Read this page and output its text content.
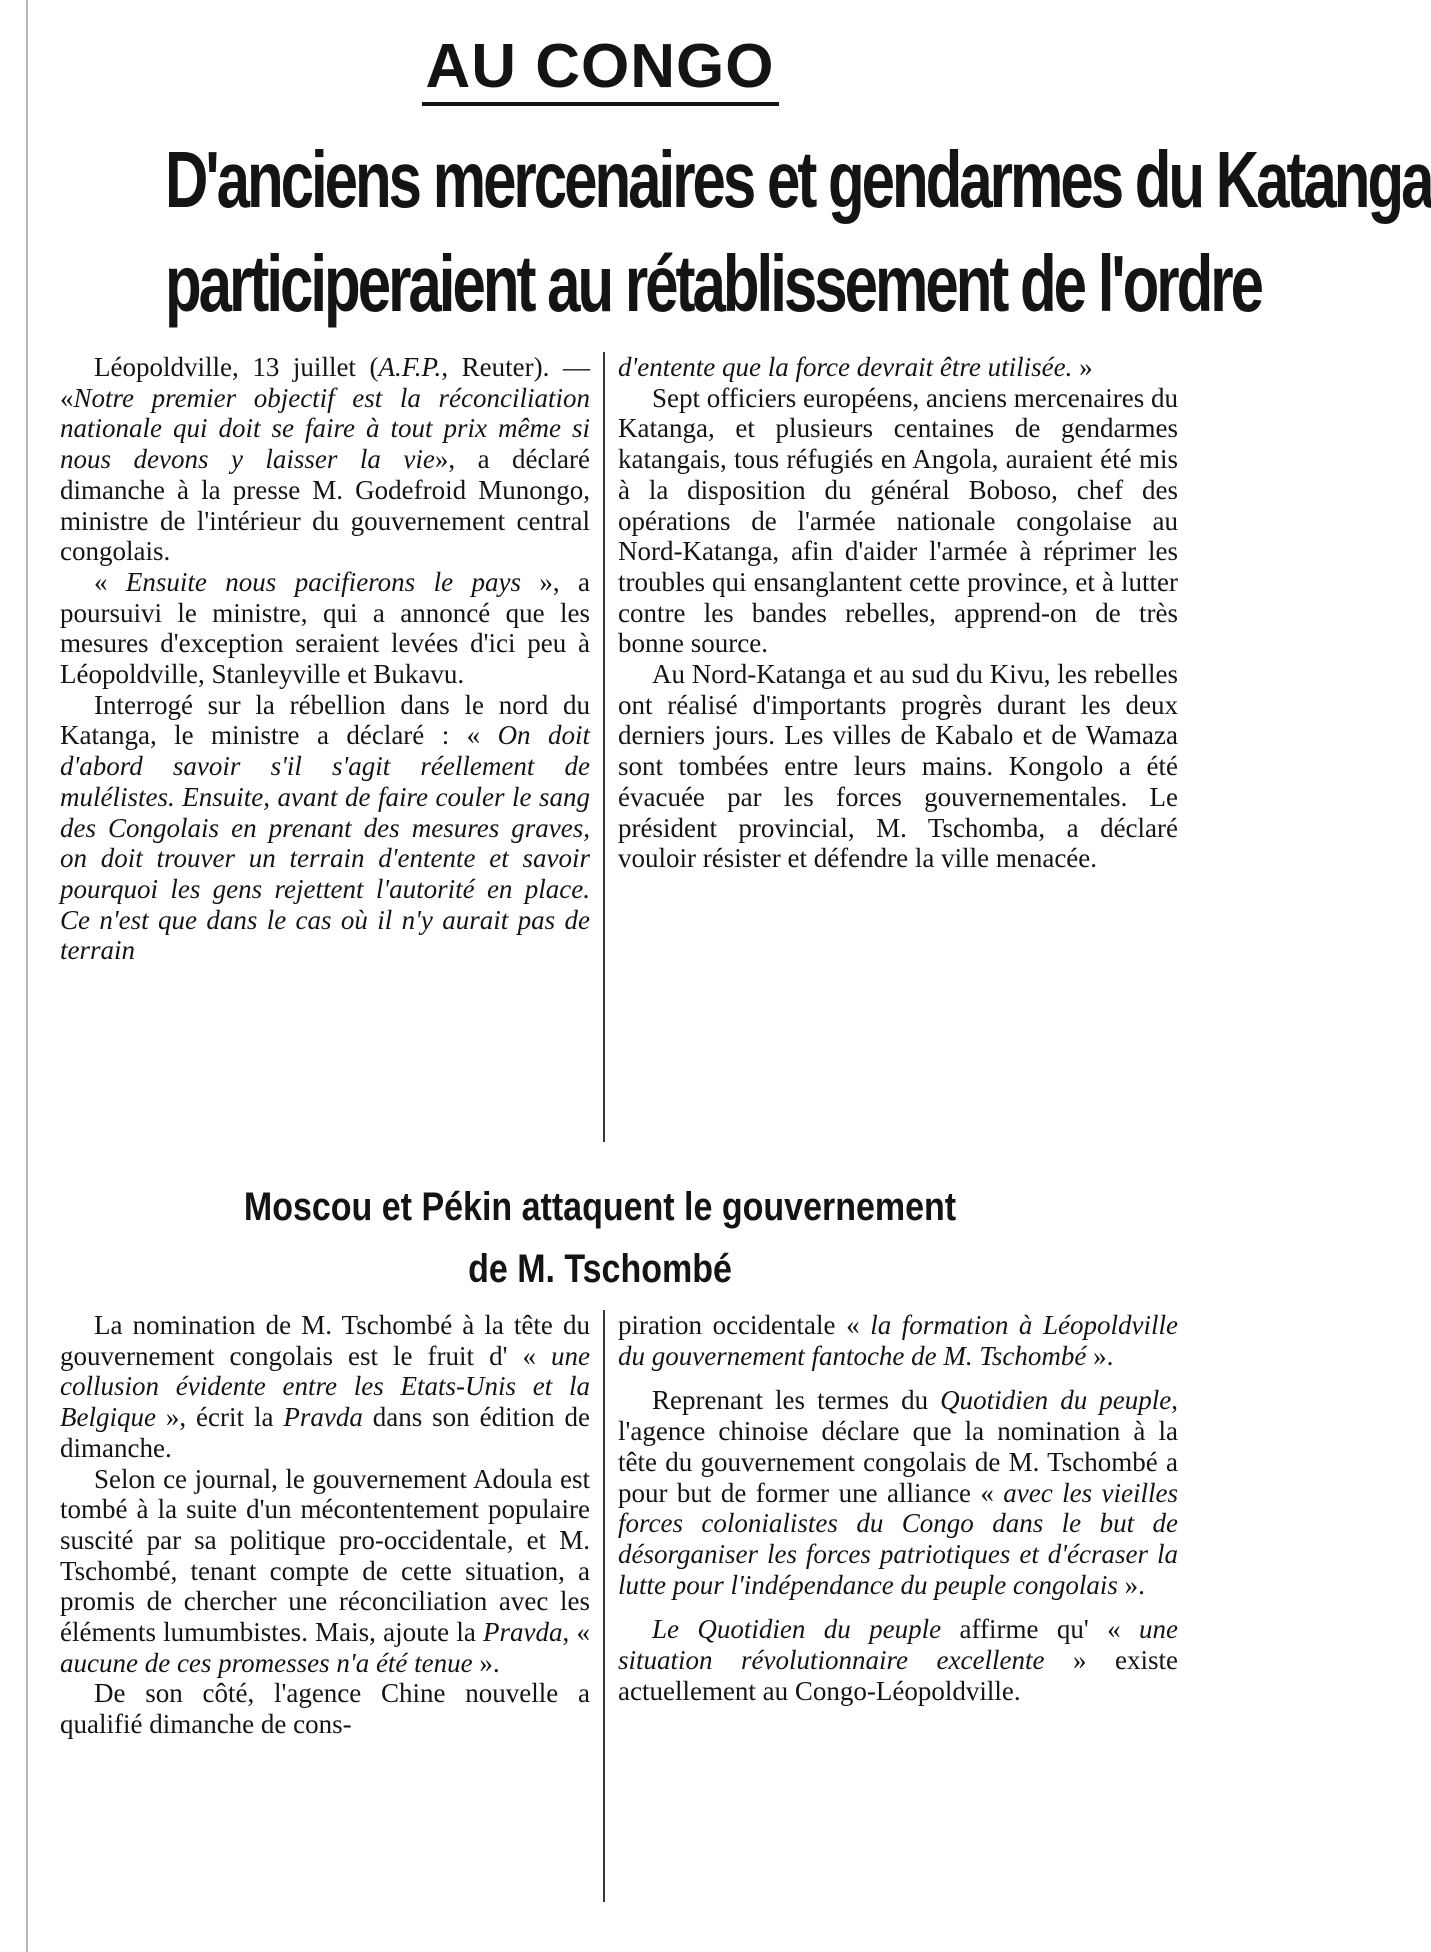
AU CONGO
D'anciens mercenaires et gendarmes du Katanga
participeraient au rétablissement de l'ordre

Léopoldville, 13 juillet (A.F.P., Reuter). — «Notre premier objectif est la réconciliation nationale qui doit se faire à tout prix même si nous devons y laisser la vie», a déclaré dimanche à la presse M. Godefroid Munongo, ministre de l'intérieur du gouvernement central congolais.

« Ensuite nous pacifierons le pays », a poursuivi le ministre, qui a annoncé que les mesures d'exception seraient levées d'ici peu à Léopoldville, Stanleyville et Bukavu.

Interrogé sur la rébellion dans le nord du Katanga, le ministre a déclaré : « On doit d'abord savoir s'il s'agit réellement de mulélistes. Ensuite, avant de faire couler le sang des Congolais en prenant des mesures graves, on doit trouver un terrain d'entente et savoir pourquoi les gens rejettent l'autorité en place. Ce n'est que dans le cas où il n'y aurait pas de terrain

d'entente que la force devrait être utilisée. »

Sept officiers européens, anciens mercenaires du Katanga, et plusieurs centaines de gendarmes katangais, tous réfugiés en Angola, auraient été mis à la disposition du général Boboso, chef des opérations de l'armée nationale congolaise au Nord-Katanga, afin d'aider l'armée à réprimer les troubles qui ensanglantent cette province, et à lutter contre les bandes rebelles, apprend-on de très bonne source.

Au Nord-Katanga et au sud du Kivu, les rebelles ont réalisé d'importants progrès durant les deux derniers jours. Les villes de Kabalo et de Wamaza sont tombées entre leurs mains. Kongolo a été évacuée par les forces gouvernementales. Le président provincial, M. Tschomba, a déclaré vouloir résister et défendre la ville menacée.

Moscou et Pékin attaquent le gouvernement
de M. Tschombé

La nomination de M. Tschombé à la tête du gouvernement congolais est le fruit d' « une collusion évidente entre les Etats-Unis et la Belgique », écrit la Pravda dans son édition de dimanche.

Selon ce journal, le gouvernement Adoula est tombé à la suite d'un mécontentement populaire suscité par sa politique pro-occidentale, et M. Tschombé, tenant compte de cette situation, a promis de chercher une réconciliation avec les éléments lumumbistes. Mais, ajoute la Pravda, « aucune de ces promesses n'a été tenue ».

De son côté, l'agence Chine nouvelle a qualifié dimanche de cons-

piration occidentale « la formation à Léopoldville du gouvernement fantoche de M. Tschombé ».

Reprenant les termes du Quotidien du peuple, l'agence chinoise déclare que la nomination à la tête du gouvernement congolais de M. Tschombé a pour but de former une alliance « avec les vieilles forces colonialistes du Congo dans le but de désorganiser les forces patriotiques et d'écraser la lutte pour l'indépendance du peuple congolais ».

Le Quotidien du peuple affirme qu' « une situation révolutionnaire excellente » existe actuellement au Congo-Léopoldville.
